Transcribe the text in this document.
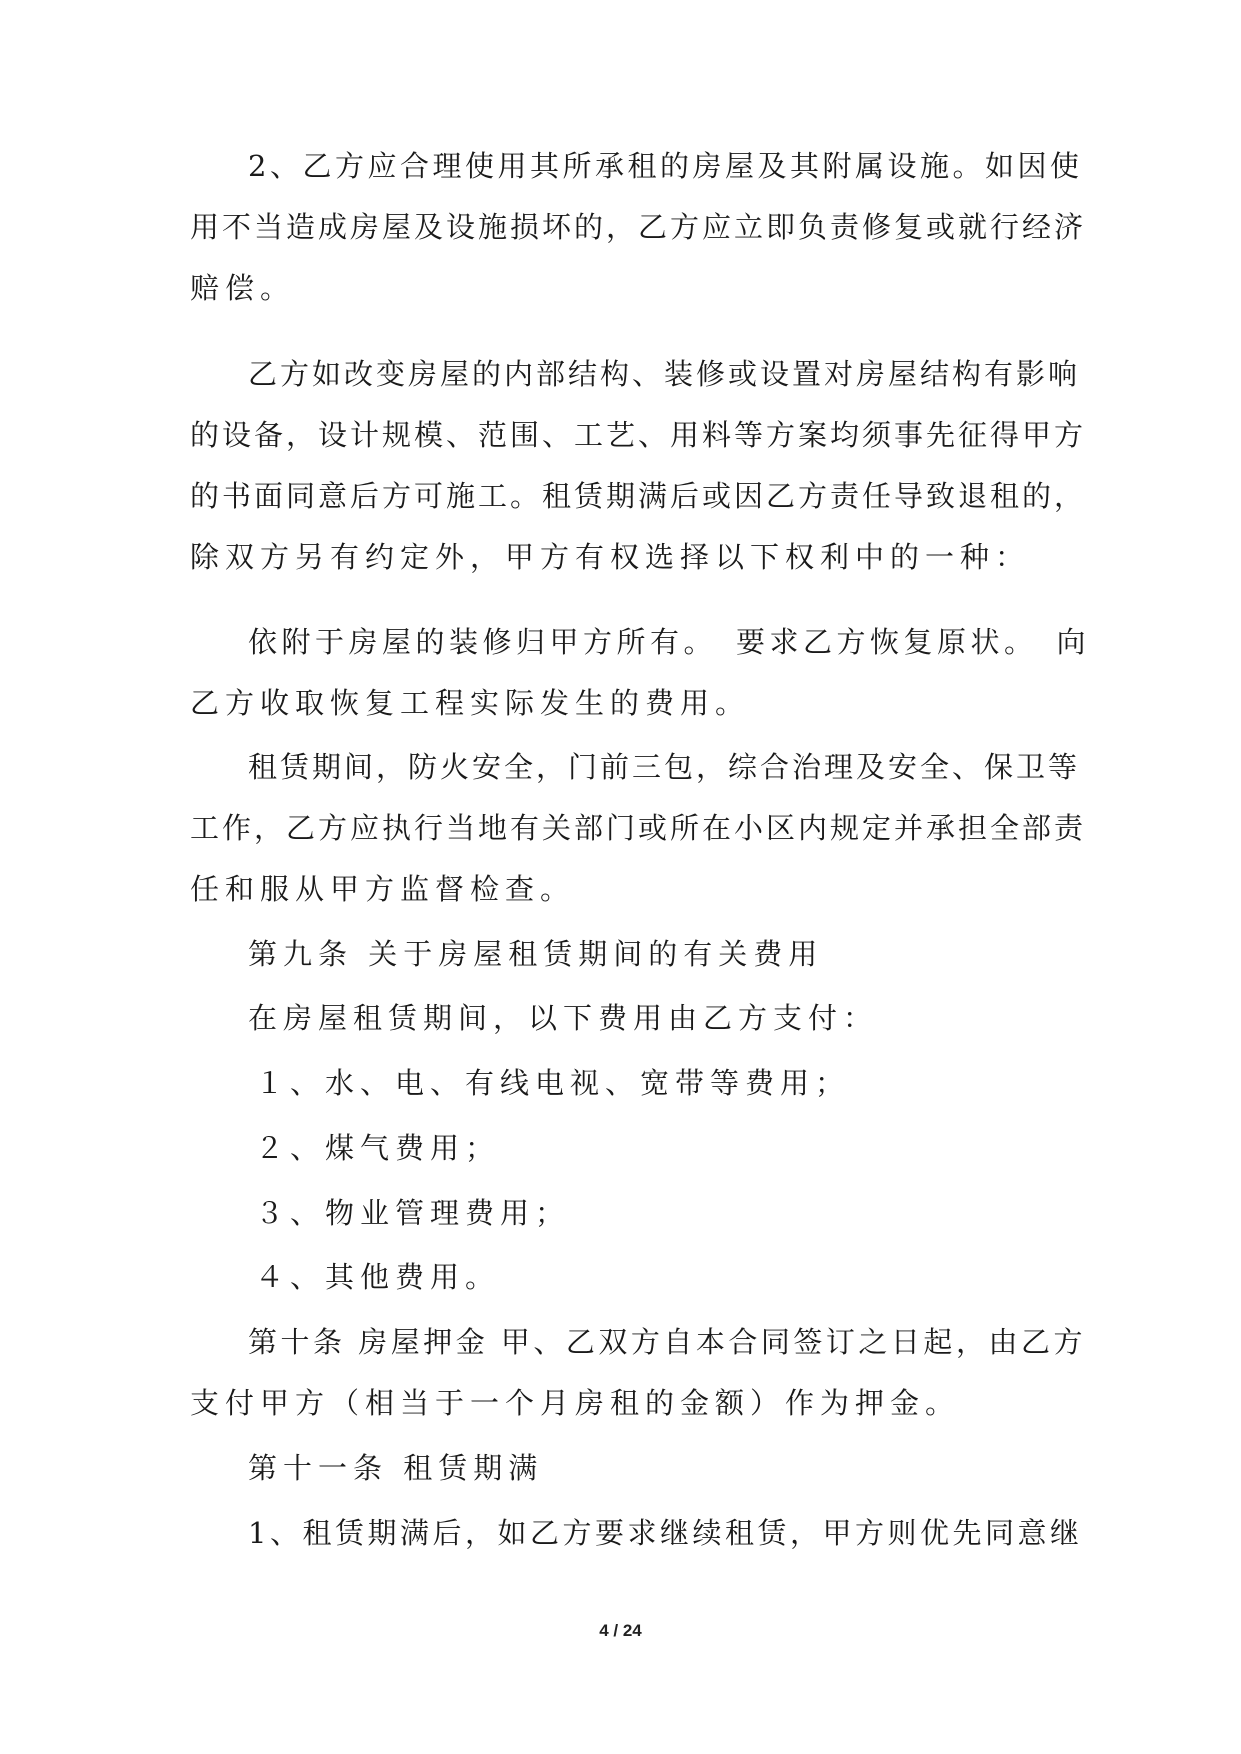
2、乙方应合理使用其所承租的房屋及其附属设施。如因使
用不当造成房屋及设施损坏的，乙方应立即负责修复或就行经济
赔偿。
乙方如改变房屋的内部结构、装修或设置对房屋结构有影响
的设备，设计规模、范围、工艺、用料等方案均须事先征得甲方
的书面同意后方可施工。租赁期满后或因乙方责任导致退租的，
除双方另有约定外，甲方有权选择以下权利中的一种：
依附于房屋的装修归甲方所有。　要求乙方恢复原状。　向
乙方收取恢复工程实际发生的费用。
租赁期间，防火安全，门前三包，综合治理及安全、保卫等
工作，乙方应执行当地有关部门或所在小区内规定并承担全部责
任和服从甲方监督检查。
第九条 关于房屋租赁期间的有关费用
在房屋租赁期间，以下费用由乙方支付：
１、水、电、有线电视、宽带等费用；
２、煤气费用；
３、物业管理费用；
４、其他费用。
第十条 房屋押金 甲、乙双方自本合同签订之日起，由乙方
支付甲方（相当于一个月房租的金额）作为押金。
第十一条 租赁期满
1、租赁期满后，如乙方要求继续租赁，甲方则优先同意继
4 / 24
